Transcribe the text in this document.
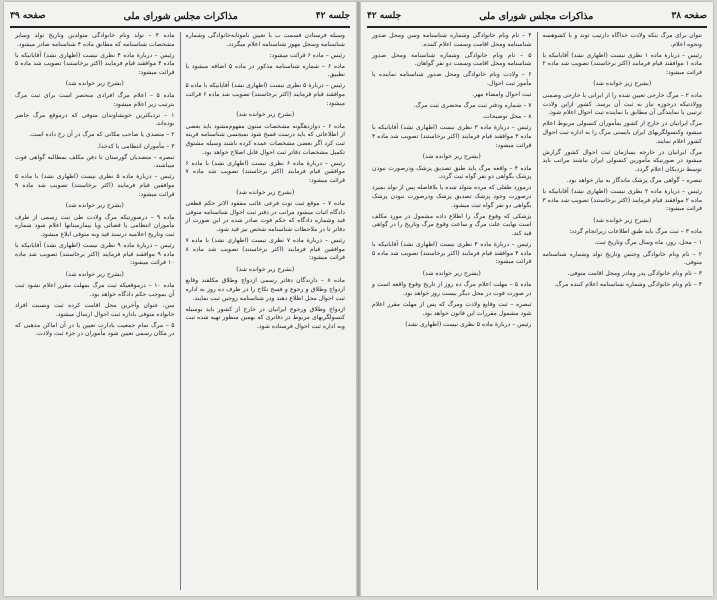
جلسه ۴۲
مذاکرات مجلس شورای ملی
صفحه ۳۹

وسیله فرستادن قسمت ب با تعیین ناموثابه‌خانوادگی وشماره شناسنامه وسجل مهور شناسنامه اعلام میگردد.

رئیس – ماده ۶ قرائت میشود:

ماده ۶ – شماره شناسنامه مذکور در ماده ۵ اضافه میشود با تطبیق.

رئیس – دربارهٔ ۵ نظری نیست (اظهاری نشد) آقایانیکه با ماده ۵ موافقند قیام فرمایند (اکثر برخاستند) تصویب شد ماده ۶ قرائت میشود:

(بشرح زیر خوانده شد)

ماده ۶ – دوازدهگونه مشخصات ستون مفهوم‌مشود باید بعضی از اطلاعاتی که باید درست فسخ شود نمیجسی شناسنامه قرینه ثبت کرد اگر بعضی مشخصات عمده کرده باشند وسیله مشتوق تکمیل مشخصات دفاتر ثبت احوال قابل اصلاح خواهد بود.

رئیس – دربارهٔ ماده ۶ نظری نیست (اظهاری نشد) با ماده ۶ موافقین قیام فرمایند (اکثر برخاستند) تصویب شد ماده ۷ قرائت میشود:

(بشرح زیر خوانده شد)

ماده ۷ – موقع ثبت نوت فرعی غائب مفقود الاثر حکم قطعی دادگاه اثبات میشود مراتب در دفتر ثبت احوال شناسنامه متوفی قید وشماره دادگاه که حکم فوت صادر شده در این صورت از دفاتر تا در ملاحظات شناسنامه شخص نیز قید شود.

رئیس – دربارهٔ ماده ۷ نظری نیست (اظهاری نشد) با ماده ۷ موافقین قیام فرمایند (اکثر برخاستند) تصویب شد ماده ۸ قرائت میشود:

(بشرح زیر خوانده شد)

ماده ۸ – دارندگان دفاتر رسمی ازدواج وطلاق مکلفند وقایع ازدواج وطلاق و رجوع و فسخ نکاح را در ظرف ده روز به اداره ثبت احوال محل اطلاع دهند ودر شناسنامه زوجین ثبت نمایند.

ازدواج وطلاق ورجوع ایرانیان در خارج از کشور باید بوسیله کنسولگریهای مربوط در دفاتری که بهمین منظور تهیه شده ثبت وبه اداره ثبت احوال فرستاده شود.

ماده ۴ – تولد ونام خانوادگی متولدین وتاریخ تولد وسایر مشخصات شناسنامه که مطابق ماده ۴ شناسنامه صادر میشود.

رئیس – دربارهٔ ماده ۴ نظری نیست (اظهاری نشد) آقایانیکه با ماده ۴ موافقند قیام فرمایند (اکثر برخاستند) تصویب شد ماده ۵ قرائت میشود:

(بشرح زیر خوانده شد)

ماده ۵ – اعلام مرگ افرادی منحصر است برای ثبت مرگ بترتیب زیر اعلام میشود:

۱ – نزدیکترین خویشاوندان متوفی که درموقع مرگ حاضر بوده‌اند.

۲ – متصدی یا صاحب مکانی که مرگ در آن رخ داده است.

۳ – مأموران انتظامی یا کدخدا.

تبصره – متصدیان گورستان تا دفن مکلف بمطالبه گواهی فوت میباشند.

رئیس – دربارهٔ ماده ۵ نظری نیست (اظهاری نشد) با ماده ۵ موافقین قیام فرمایند (اکثر برخاستند) تصویب شد ماده ۹ قرائت میشود:

(بشرح زیر خوانده شد)

ماده ۹ – درصورتیکه مرگ ولادت طی ثبت رسمی از طرف مأموران انتظامی یا قضائی ویا بیمارستانها اعلام شود شماره ثبت وتاریخ اعلامیه درسند قید وبه متوفی ابلاغ میشود.

رئیس – دربارهٔ ماده ۹ نظری نیست (اظهاری نشد) آقایانیکه با ماده ۹ موافقند قیام فرمایند (اکثر برخاستند) تصویب شد ماده ۱۰ قرائت میشود:

(بشرح زیر خوانده شد)

ماده ۱۰ – درموقعیکه ثبت مرگ بمهلت مقرر اعلام نشود ثبت آن بموجب حکم دادگاه خواهد بود.

سن، عنوان وآخرین محل اقامت کرده ثبت ونسبت افراد خانواده متوفی باداره ثبت احوال ارسال میشود.

۵ – مرگ تمام جمعیت بادارت تعیین یا در آن اماکن مذهبی که در مکان رسمی تعیین شود مأموران در جزء ثبت ولادت.

صفحه ۳۸
مذاکرات مجلس شورای ملی
جلسه ۴۲

تنوان برای مرگ بنکه ولادت خداگاه دارتیب توند و با کشوهسه ونحوه اعلام.

رئیس – دربارهٔ ماده ۱ نظری نیست (اظهاری نشد) آقایانیکه با ماده ۱ موافقند قیام فرمایند (اکثر برخاستند) تصویب شد ماده ۲ قرائت میشود:

(بشرح زیر خوانده شد)

ماده ۲ – مرگ خارجی تعیین شده را از ایرانی یا خارجی وضمنی وولادتیکه درحوزه نیاز به ثبت آن برسد. کشور ازاین ولادت ترتیبی یا نمایندگی آن مطابق با نماینده ثبت احوال اعلام شود.

مرگ ایرانیان در خارج از کشور بمأموران کنسولی مربوط اعلام میشود وکنسولگریهای ایران بایستی مرگ را به اداره ثبت احوال کشور اعلام نمایند.

مرگ ایرانیان در خارجه بسازمان ثبت احوال کشور گزارش میشود در صورتیکه مأمورین کنسولی ایران نباشند مراتب باید توسط نزدیکان اعلام گردد.

تبصره – گواهی مرگ پزشک ماندگار به نیاز خواهد بود.

رئیس – دربارهٔ ماده ۲ نظری نیست (اظهاری نشد) آقایانیکه با ماده ۲ موافقند قیام فرمایند (اکثر برخاستند) تصویب شد ماده ۳ قرائت میشود:

(بشرح زیر خوانده شد)

ماده ۳ – ثبت مرگ باید طبق اطلاعات زیرانجام گردد:

۱ – محل، روز، ماه وسال مرگ وتاریخ ثبت.

۲ – نام ونام خانوادگی وجنس وتاریخ تولد وشماره شناسنامه متوفی.

۳ – نام ونام خانوادگی پدر ومادر ومحل اقامت متوفی.

۴ – نام ونام خانوادگی وشماره شناسنامه اعلام کننده مرگ.

۴ – نام ونام خانوادگی وشماره شناسنامه وسن ومحل صدور شناسنامه ومحل اقامت وسمت اعلام کننده.

۵ – نام ونام خانوادگی وشماره شناسنامه ومحل صدور شناسنامه ومحل اقامت وسمت دو نفر گواهان.

۶ – ولادت ونام خانوادگی ومحل صدور شناسنامه نماینده یا مأمور ثبت احوال.

ثبت احوال وامضاء مهر.

۷ – شماره ودفتر ثبت مرگ محضری ثبت مرگ.

۸ – محل توضیحات.

رئیس – دربارهٔ ماده ۳ نظری نیست (اظهاری نشد) آقایانیکه با ماده ۳ موافقند قیام فرمایند (اکثر برخاستند) تصویب شد ماده ۴ قرائت میشود:

(بشرح زیر خوانده شد)

ماده ۴ – واقعه مرگ باید طبق تصدیق پزشک ودرصورت نبودن پزشک بگواهی دو نفر گواه ثبت گردد.

درمورد طفلی که مرده متولد شده یا بلافاصله پس از تولد بمیرد درصورت وجود پزشک تصدیق پزشک ودرصورت نبودن پزشک بگواهی دو نفر گواه ثبت میشود.

پزشکی که وقوع مرگ را اطلاع داده مشمول در مورد مکلف است نهایت علت مرگ و ساعت وقوع مرگ وتاریخ را در گواهی قید کند.

رئیس – دربارهٔ ماده ۴ نظری نیست (اظهاری نشد) آقایانیکه با ماده ۴ موافقند قیام فرمایند (اکثر برخاستند) تصویب شد ماده ۵ قرائت میشود:

(بشرح زیر خوانده شد)

ماده ۵ – مهلت اعلام مرگ ده روز از تاریخ وقوع واقعه است و در صورت فوت در محل دیگر بیست روز خواهد بود.

تبصره – ثبت وقایع ولادت ومرگ که پس از مهلت مقرر اعلام شود مشمول مقررات این قانون خواهد بود.

رئیس – دربارهٔ ماده ۵ نظری نیست (اظهاری نشد)
